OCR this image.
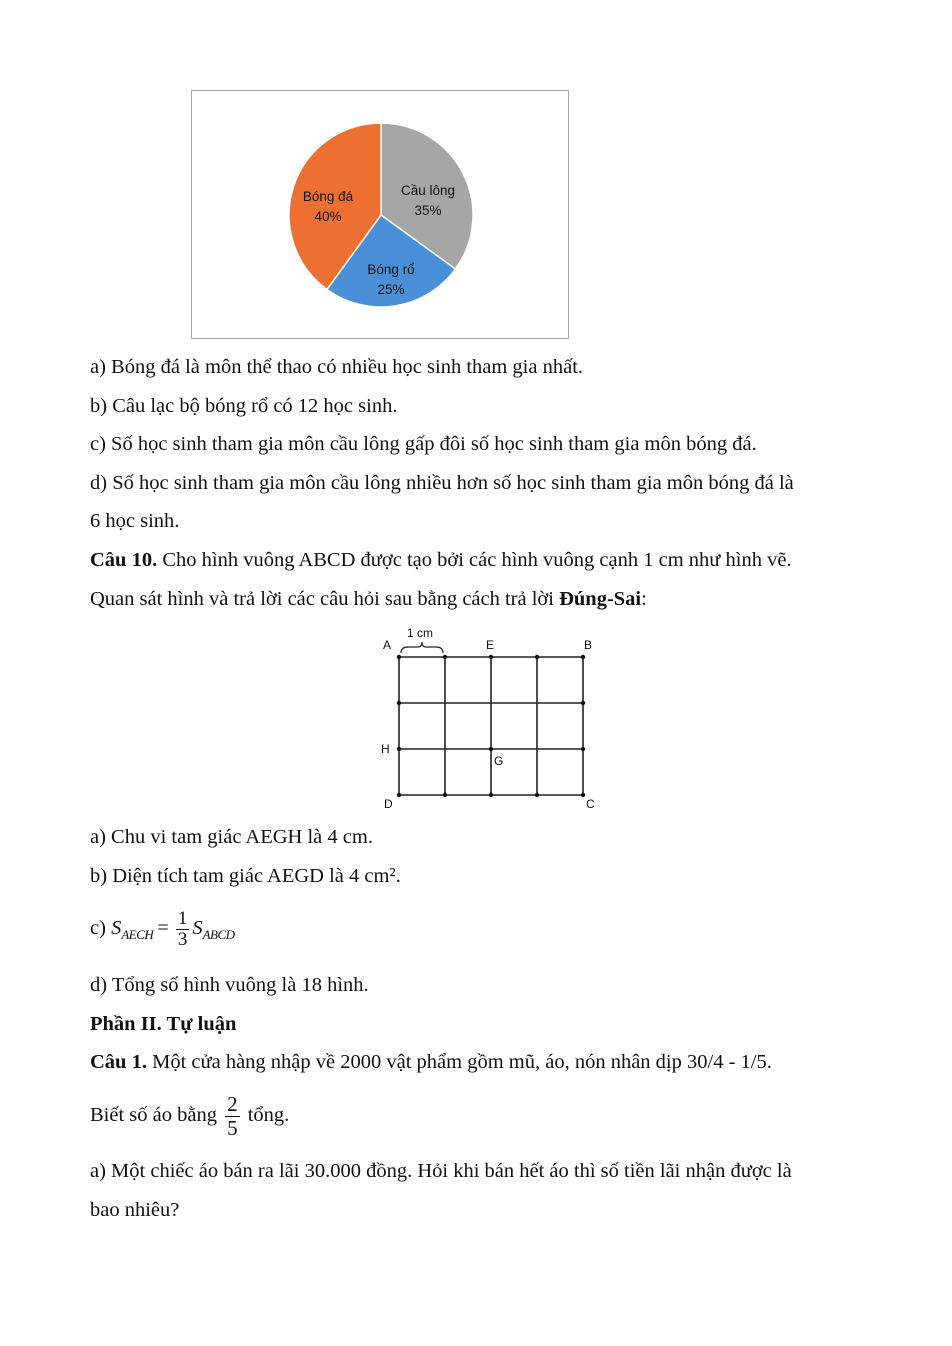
Cầu lông
35%
Bóng rổ
25%
Bóng đá
40%
a) Bóng đá là môn thể thao có nhiều học sinh tham gia nhất.
b) Câu lạc bộ bóng rổ có 12 học sinh.
c) Số học sinh tham gia môn cầu lông gấp đôi số học sinh tham gia môn bóng đá.
d) Số học sinh tham gia môn cầu lông nhiều hơn số học sinh tham gia môn bóng đá là
6 học sinh.
Câu 10. Cho hình vuông ABCD được tạo bởi các hình vuông cạnh 1 cm như hình vẽ.
Quan sát hình và trả lời các câu hỏi sau bằng cách trả lời Đúng-Sai:
1 cm
A	E	B
H
G
D	C
a) Chu vi tam giác AEGH là 4 cm.
b) Diện tích tam giác AEGD là 4 cm².
c) $S_{AECH} = \frac{1}{3} S_{ABCD}$
d) Tổng số hình vuông là 18 hình.
Phần II. Tự luận
Câu 1. Một cửa hàng nhập về 2000 vật phẩm gồm mũ, áo, nón nhân dịp 30/4 - 1/5.
Biết số áo bằng $\frac{2}{5}$ tổng.
a) Một chiếc áo bán ra lãi 30.000 đồng. Hỏi khi bán hết áo thì số tiền lãi nhận được là
bao nhiêu?
